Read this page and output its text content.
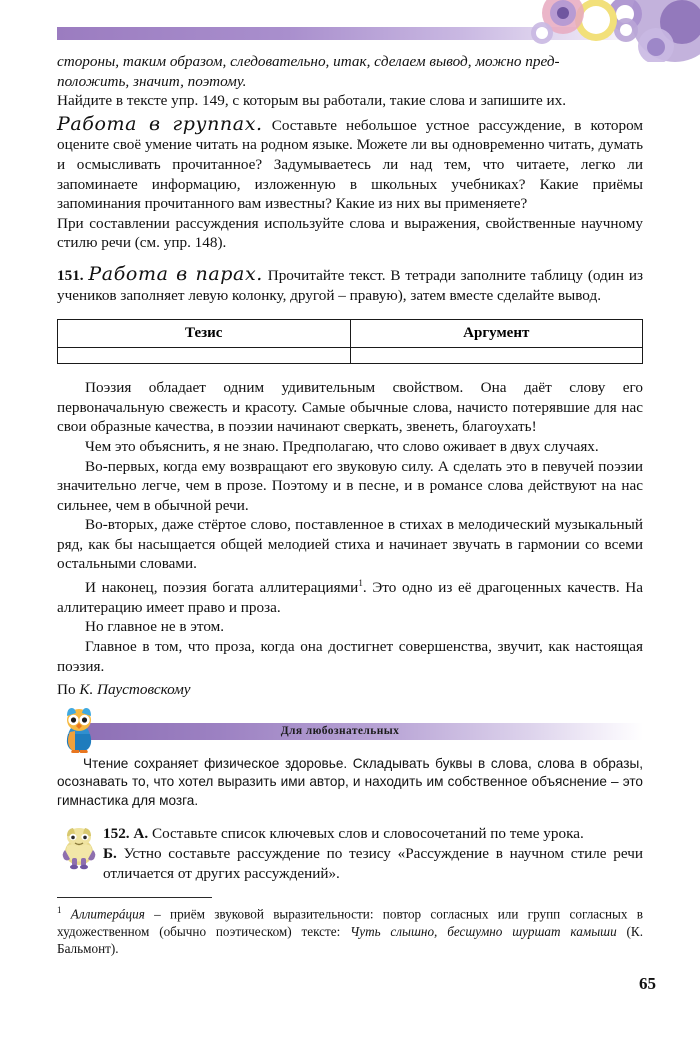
стороны, таким образом, следовательно, итак, сделаем вывод, можно пред-

положить, значит, поэтому.

Найдите в тексте упр. 149, с которым вы работали, такие слова и запишите их.

Работа в группах. Составьте небольшое устное рассуждение, в котором оцените своё умение читать на родном языке. Можете ли вы одновременно читать, думать и осмысливать прочитанное? Задумываетесь ли над тем, что читаете, легко ли запоминаете информацию, изложенную в школьных учебниках? Какие приёмы запоминания прочитанного вам известны? Какие из них вы применяете?

При составлении рассуждения используйте слова и выражения, свойственные научному стилю речи (см. упр. 148).

151. Работа в парах. Прочитайте текст. В тетради заполните таблицу (один из учеников заполняет левую колонку, другой – правую), затем вместе сделайте вывод.

Тезис	Аргумент

Поэзия обладает одним удивительным свойством. Она даёт слову его первоначальную свежесть и красоту. Самые обычные слова, начисто потерявшие для нас свои образные качества, в поэзии начинают сверкать, звенеть, благоухать!

Чем это объяснить, я не знаю. Предполагаю, что слово оживает в двух случаях.

Во-первых, когда ему возвращают его звуковую силу. А сделать это в певучей поэзии значительно легче, чем в прозе. Поэтому и в песне, и в романсе слова действуют на нас сильнее, чем в обычной речи.

Во-вторых, даже стёртое слово, поставленное в стихах в мелодический музыкальный ряд, как бы насыщается общей мелодией стиха и начинает звучать в гармонии со всеми остальными словами.

И наконец, поэзия богата аллитерациями$^1$. Это одно из её драгоценных качеств. На аллитерацию имеет право и проза.

Но главное не в этом.

Главное в том, что проза, когда она достигнет совершенства, звучит, как настоящая поэзия.

По К. Паустовскому

Для любознательных

Чтение сохраняет физическое здоровье. Складывать буквы в слова, слова в образы, осознавать то, что хотел выразить ими автор, и находить им собственное объяснение – это гимнастика для мозга.

152. А. Составьте список ключевых слов и словосочетаний по теме урока.

Б. Устно составьте рассуждение по тезису «Рассуждение в научном стиле речи отличается от других рассуждений».

$^1$ Аллитерáция – приём звуковой выразительности: повтор согласных или групп согласных в художественном (обычно поэтическом) тексте: Чуть слышно, бесшумно шуршат камыши (К. Бальмонт).

65
